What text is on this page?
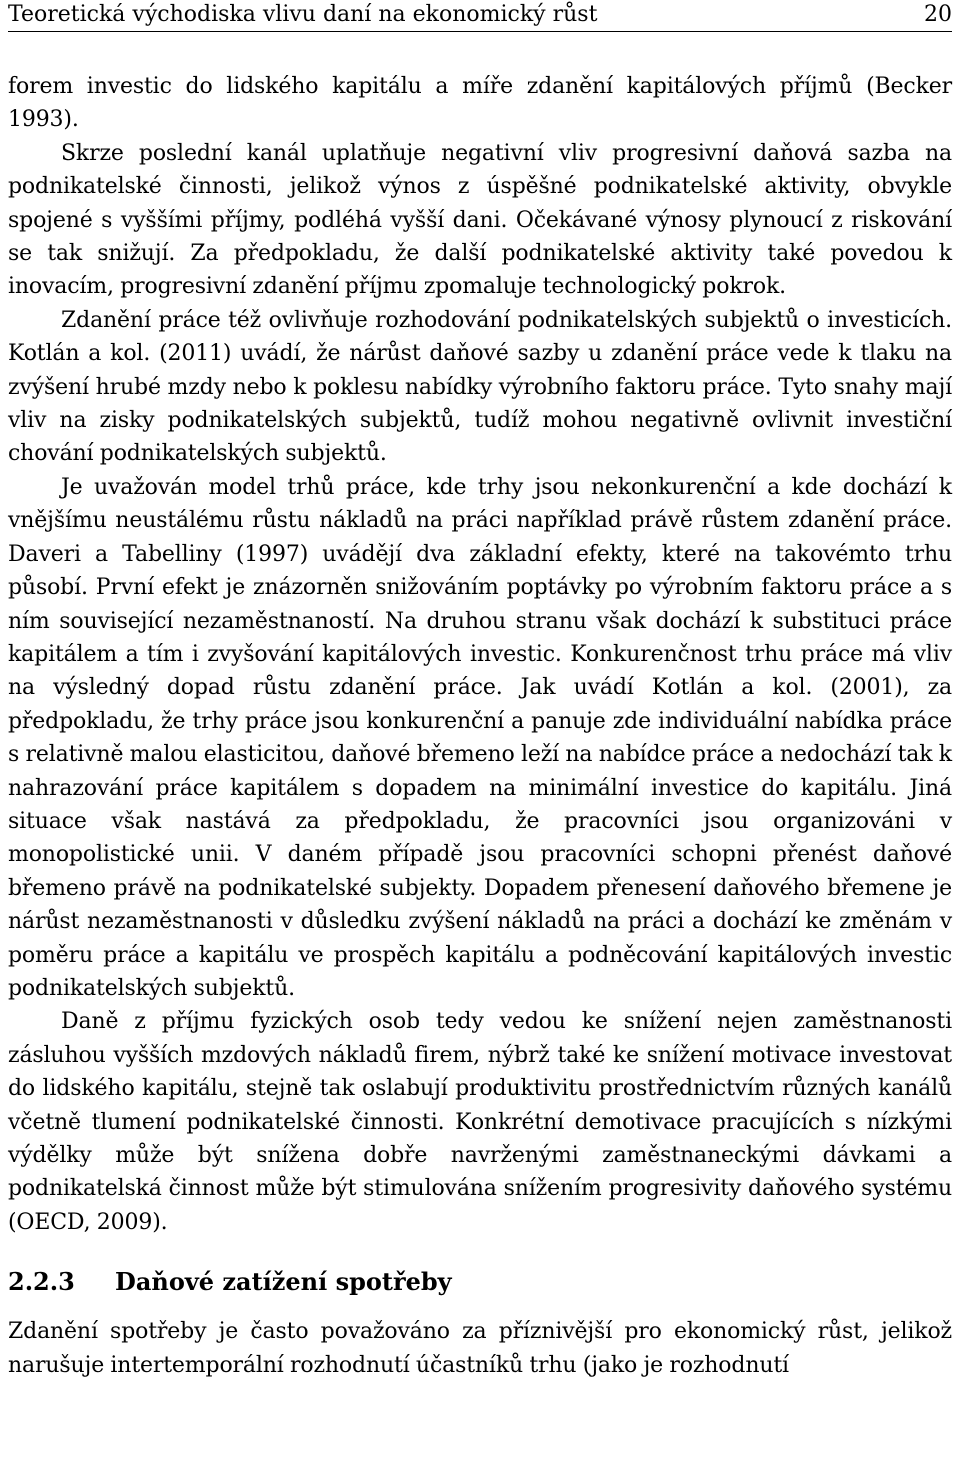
Teoretická východiska vlivu daní na ekonomický růst	20

forem investic do lidského kapitálu a míře zdanění kapitálových příjmů (Becker 1993).

Skrze poslední kanál uplatňuje negativní vliv progresivní daňová sazba na podnikatelské činnosti, jelikož výnos z úspěšné podnikatelské aktivity, obvykle spojené s vyššími příjmy, podléhá vyšší dani. Očekávané výnosy plynoucí z riskování se tak snižují. Za předpokladu, že další podnikatelské aktivity také povedou k inovacím, progresivní zdanění příjmu zpomaluje technologický pokrok.

Zdanění práce též ovlivňuje rozhodování podnikatelských subjektů o investicích. Kotlán a kol. (2011) uvádí, že nárůst daňové sazby u zdanění práce vede k tlaku na zvýšení hrubé mzdy nebo k poklesu nabídky výrobního faktoru práce. Tyto snahy mají vliv na zisky podnikatelských subjektů, tudíž mohou negativně ovlivnit investiční chování podnikatelských subjektů.

Je uvažován model trhů práce, kde trhy jsou nekonkurenční a kde dochází k vnějšímu neustálému růstu nákladů na práci například právě růstem zdanění práce. Daveri a Tabelliny (1997) uvádějí dva základní efekty, které na takovémto trhu působí. První efekt je znázorněn snižováním poptávky po výrobním faktoru práce a s ním související nezaměstnaností. Na druhou stranu však dochází k substituci práce kapitálem a tím i zvyšování kapitálových investic. Konkurenčnost trhu práce má vliv na výsledný dopad růstu zdanění práce. Jak uvádí Kotlán a kol. (2001), za předpokladu, že trhy práce jsou konkurenční a panuje zde individuální nabídka práce s relativně malou elasticitou, daňové břemeno leží na nabídce práce a nedochází tak k nahrazování práce kapitálem s dopadem na minimální investice do kapitálu. Jiná situace však nastává za předpokladu, že pracovníci jsou organizováni v monopolistické unii. V daném případě jsou pracovníci schopni přenést daňové břemeno právě na podnikatelské subjekty. Dopadem přenesení daňového břemene je nárůst nezaměstnanosti v důsledku zvýšení nákladů na práci a dochází ke změnám v poměru práce a kapitálu ve prospěch kapitálu a podněcování kapitálových investic podnikatelských subjektů.

Daně z příjmu fyzických osob tedy vedou ke snížení nejen zaměstnanosti zásluhou vyšších mzdových nákladů firem, nýbrž také ke snížení motivace investovat do lidského kapitálu, stejně tak oslabují produktivitu prostřednictvím různých kanálů včetně tlumení podnikatelské činnosti. Konkrétní demotivace pracujících s nízkými výdělky může být snížena dobře navrženými zaměstnaneckými dávkami a podnikatelská činnost může být stimulována snížením progresivity daňového systému (OECD, 2009).

2.2.3	Daňové zatížení spotřeby

Zdanění spotřeby je často považováno za příznivější pro ekonomický růst, jelikož narušuje intertemporální rozhodnutí účastníků trhu (jako je rozhodnutí
